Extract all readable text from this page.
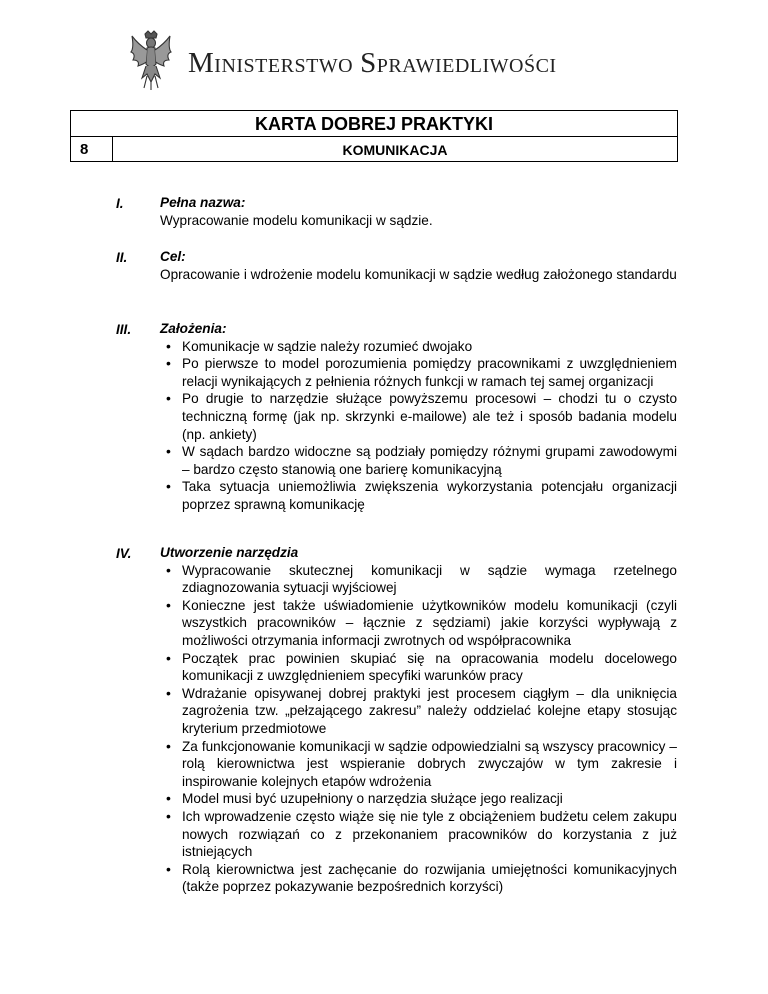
MINISTERSTWO SPRAWIEDLIWOŚCI
KARTA DOBREJ PRAKTYKI
8	KOMUNIKACJA
I.	Pełna nazwa:
Wypracowanie modelu komunikacji w sądzie.
II. Cel:
Opracowanie i wdrożenie modelu komunikacji w sądzie według założonego standardu
III. Założenia:
• Komunikacje w sądzie należy rozumieć dwojako
• Po pierwsze to model porozumienia pomiędzy pracownikami z uwzględnieniem relacji wynikających z pełnienia różnych funkcji w ramach tej samej organizacji
• Po drugie to narzędzie służące powyższemu procesowi – chodzi tu o czysto techniczną formę (jak np. skrzynki e-mailowe) ale też i sposób badania modelu (np. ankiety)
• W sądach bardzo widoczne są podziały pomiędzy różnymi grupami zawodowymi – bardzo często stanowią one barierę komunikacyjną
• Taka sytuacja uniemożliwia zwiększenia wykorzystania potencjału organizacji poprzez sprawną komunikację
IV. Utworzenie narzędzia
• Wypracowanie skutecznej komunikacji w sądzie wymaga rzetelnego zdiagnozowania sytuacji wyjściowej
• Konieczne jest także uświadomienie użytkowników modelu komunikacji (czyli wszystkich pracowników – łącznie z sędziami) jakie korzyści wypływają z możliwości otrzymania informacji zwrotnych od współpracownika
• Początek prac powinien skupiać się na opracowania modelu docelowego komunikacji z uwzględnieniem specyfiki warunków pracy
• Wdrażanie opisywanej dobrej praktyki jest procesem ciągłym – dla uniknięcia zagrożenia tzw. „pełzającego zakresu” należy oddzielać kolejne etapy stosując kryterium przedmiotowe
• Za funkcjonowanie komunikacji w sądzie odpowiedzialni są wszyscy pracownicy – rolą kierownictwa jest wspieranie dobrych zwyczajów w tym zakresie i inspirowanie kolejnych etapów wdrożenia
• Model musi być uzupełniony o narzędzia służące jego realizacji
• Ich wprowadzenie często wiąże się nie tyle z obciążeniem budżetu celem zakupu nowych rozwiązań co z przekonaniem pracowników do korzystania z już istniejących
• Rolą kierownictwa jest zachęcanie do rozwijania umiejętności komunikacyjnych (także poprzez pokazywanie bezpośrednich korzyści)
